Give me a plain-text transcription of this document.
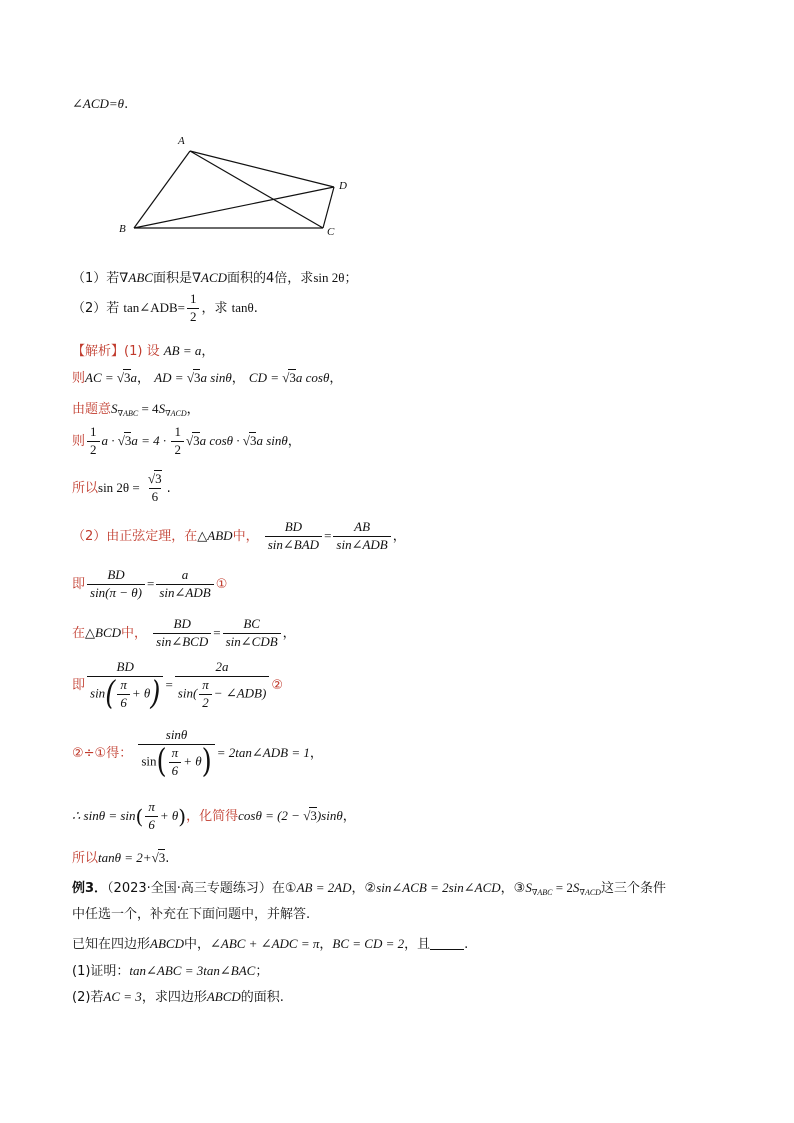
∠ACD=θ.
A
B	C
D
（1）若∇ABC面积是∇ACD面积的4倍，求sin 2θ；
（2）若 tan∠ADB= $\frac{1}{2}$ ，求 tanθ.
【解析】(1) 设 AB = a，
则AC = √3a， AD = √3a sinθ， CD = √3a cosθ，
由题意$S_{\nabla ABC} = 4S_{\nabla ACD}$，
则 $\frac{1}{2}$ $a \cdot √3a = 4 \cdot \frac{1}{2} √3a$ cosθ · √3a sinθ，
所以$\sin 2\theta = \frac{√3}{6}$ .
（2）由正弦定理，在△ABD中， $\frac{BD}{\text{sin∠BAD}} = \frac{AB}{\text{sin∠ADB}}$ ，
即 $\frac{BD}{\sin(\pi - \theta)} = \frac{a}{\text{sin∠ADB}}$ ①
在△BCD中， $\frac{BD}{\text{sin∠BCD}} = \frac{BC}{\text{sin∠CDB}}$ ，
即 $\frac{BD}{\sin( \frac{\pi}{6} + \theta)} = \frac{2a}{\sin( \frac{\pi}{2} - \angle ADB)}$ ②
②÷①得： $\frac{\sin\theta}{\sin( \frac{\pi}{6} + \theta)}$ = 2tan∠ADB = 1，
∴ $\sin\theta = \sin( \frac{\pi}{6} + \theta)$，化简得cosθ = (2 − √3)sinθ，
所以tanθ = 2+√3.
例3．（2023·全国·高三专题练习）在①AB = 2AD，②sin∠ACB = 2sin∠ACD，$③S_{\nabla ABC} = 2S_{\nabla ACD}$这三个条件
中任选一个，补充在下面问题中，并解答.
已知在四边形ABCD中，∠ABC + ∠ADC = π，BC = CD = 2，且	.
(1)证明：tan∠ABC = 3tan∠BAC；
(2)若AC = 3，求四边形ABCD的面积.
